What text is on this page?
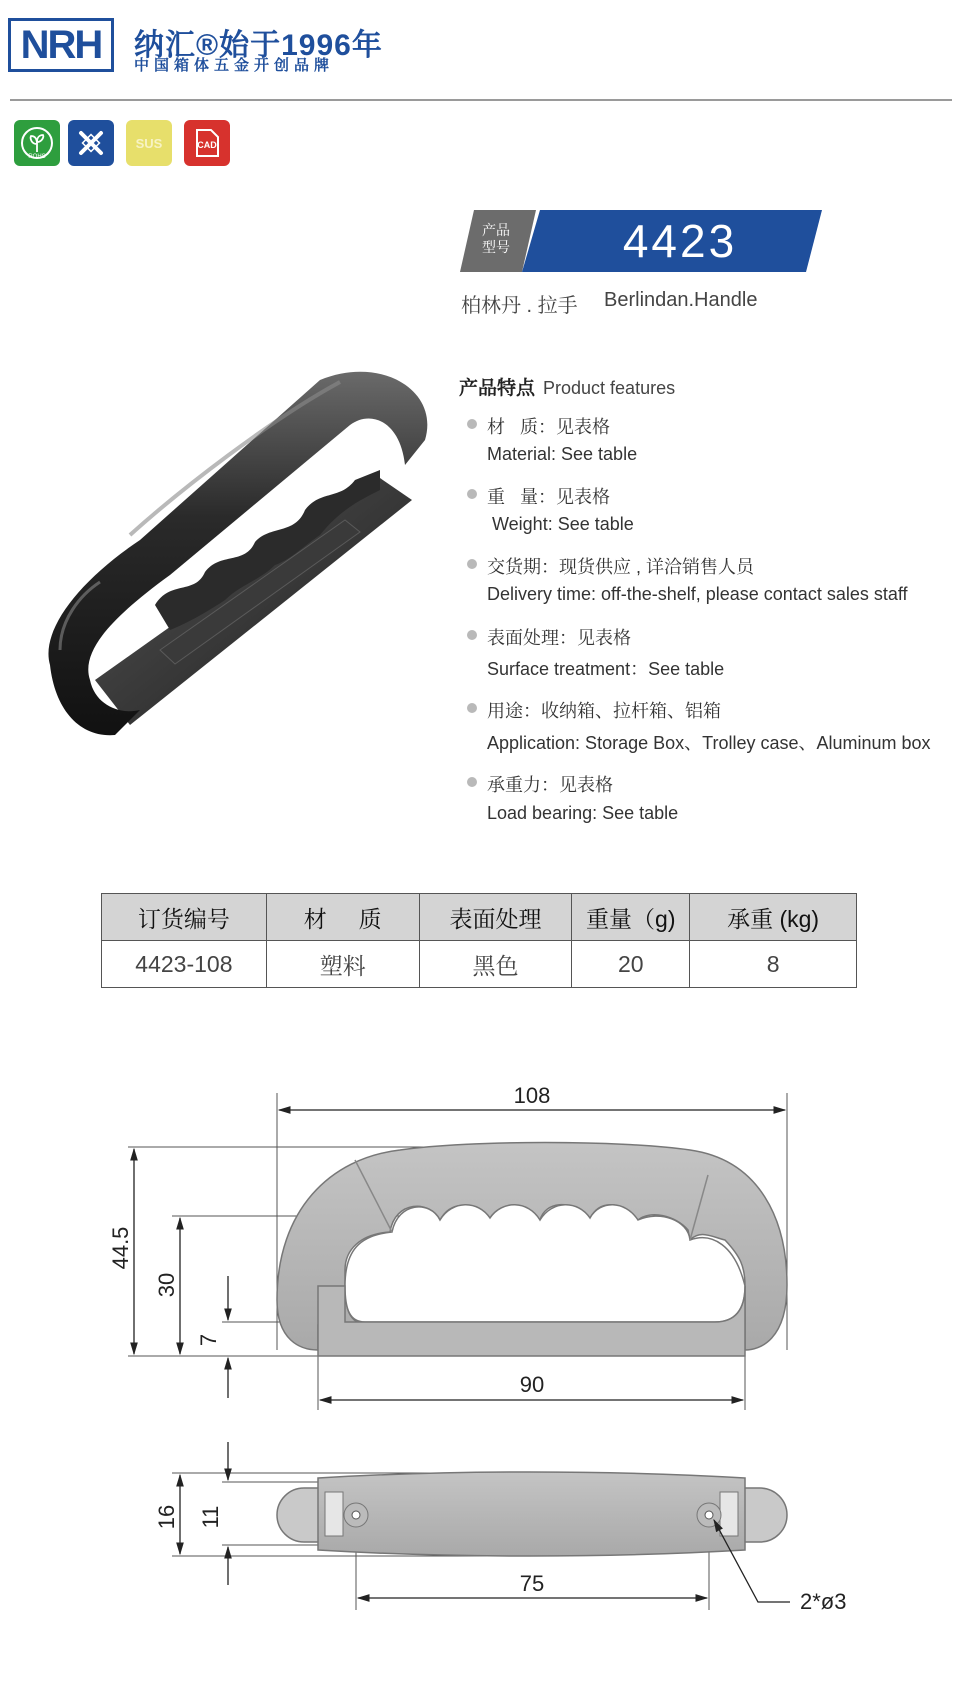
NRH	纳汇®始于1996年
中国箱体五金开创品牌
ROHS
SUS	CAD
产品
型号	4423
柏林丹 . 拉手 Berlindan.Handle
产品特点 Product features
材   质：见表格
Material: See table
重   量：见表格
Weight: See table
交货期：现货供应 , 详洽销售人员
Delivery time: off-the-shelf, please contact sales staff
表面处理：见表格
Surface treatment：See table
用途：收纳箱、拉杆箱、铝箱
Application: Storage Box、Trolley case、Aluminum box
承重力：见表格
Load bearing: See table
订货编号	材     质	表面处理	重量（g)	承重 (kg)
4423-108	塑料	黑色	20	8
108
44.5
30
7
90
16 11
75
2*ø3
